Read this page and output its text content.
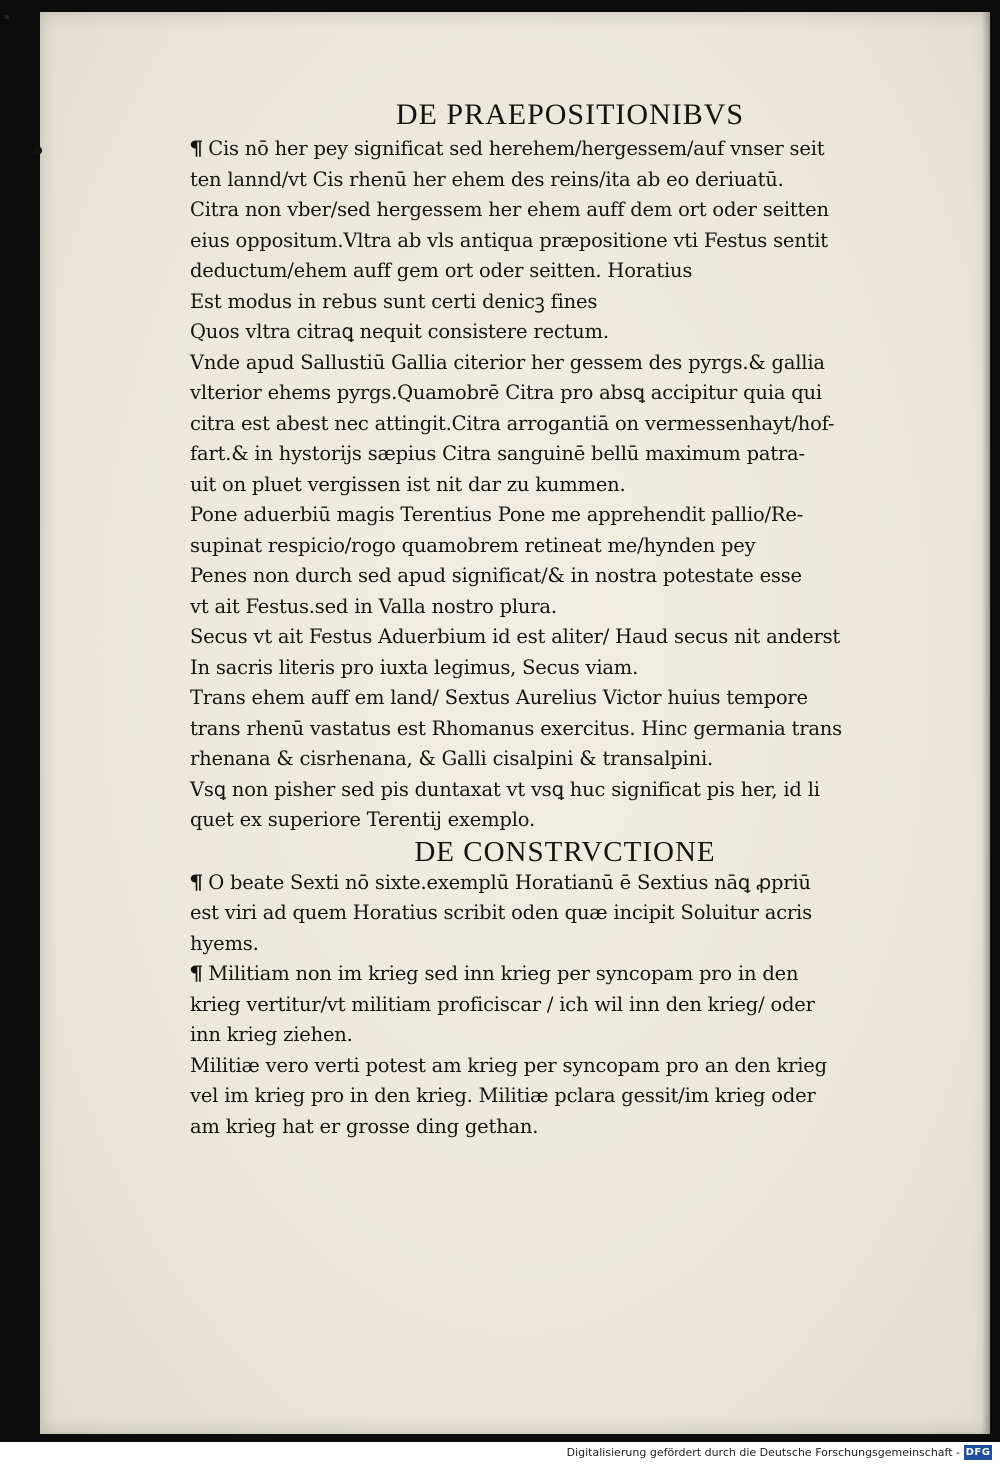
DE PRAEPOSITIONIBVS
¶ Cis nō her pey significat sed herehem/hergessem/auf vnser seit
ten lannd/vt Cis rhenū her ehem des reins/ita ab eo deriuatū.
Citra non vber/sed hergessem her ehem auff dem ort oder seitten
eius oppositum.Vltra ab vls antiqua præpositione vti Festus sentit
deductum/ehem auff gem ort oder seitten. Horatius
Est modus in rebus sunt certi denicꝫ fines
Quos vltra citraꝗ nequit consistere rectum.
Vnde apud Sallustiū Gallia citerior her gessem des pyrgs.& gallia
vlterior ehems pyrgs.Quamobrē Citra pro absꝗ accipitur quia qui
citra est abest nec attingit.Citra arrogantiā on vermessenhayt/hof-
fart.& in hystorijs sæpius Citra sanguinē bellū maximum patra-
uit on pluet vergissen ist nit dar zu kummen.
Pone aduerbiū magis Terentius Pone me apprehendit pallio/Re-
supinat respicio/rogo quamobrem retineat me/hynden pey
Penes non durch sed apud significat/& in nostra potestate esse
vt ait Festus.sed in Valla nostro plura.
Secus vt ait Festus Aduerbium id est aliter/ Haud secus nit anderst
In sacris literis pro iuxta legimus, Secus viam.
Trans ehem auff em land/ Sextus Aurelius Victor huius tempore
trans rhenū vastatus est Rhomanus exercitus. Hinc germania trans
rhenana & cisrhenana, & Galli cisalpini & transalpini.
Vsꝗ non pisher sed pis duntaxat vt vsꝗ huc significat pis her, id li
quet ex superiore Terentij exemplo.
DE CONSTRVCTIONE
¶ O beate Sexti nō sixte.exemplū Horatianū ē Sextius nāꝗ ꝓpriū
est viri ad quem Horatius scribit oden quæ incipit Soluitur acris
hyems.
¶ Militiam non im krieg sed inn krieg per syncopam pro in den
krieg vertitur/vt militiam proficiscar / ich wil inn den krieg/ oder
inn krieg ziehen.
Militiæ vero verti potest am krieg per syncopam pro an den krieg
vel im krieg pro in den krieg. Militiæ pclara gessit/im krieg oder
am krieg hat er grosse ding gethan.
Digitalisierung gefördert durch die Deutsche Forschungsgemeinschaft - DFG
